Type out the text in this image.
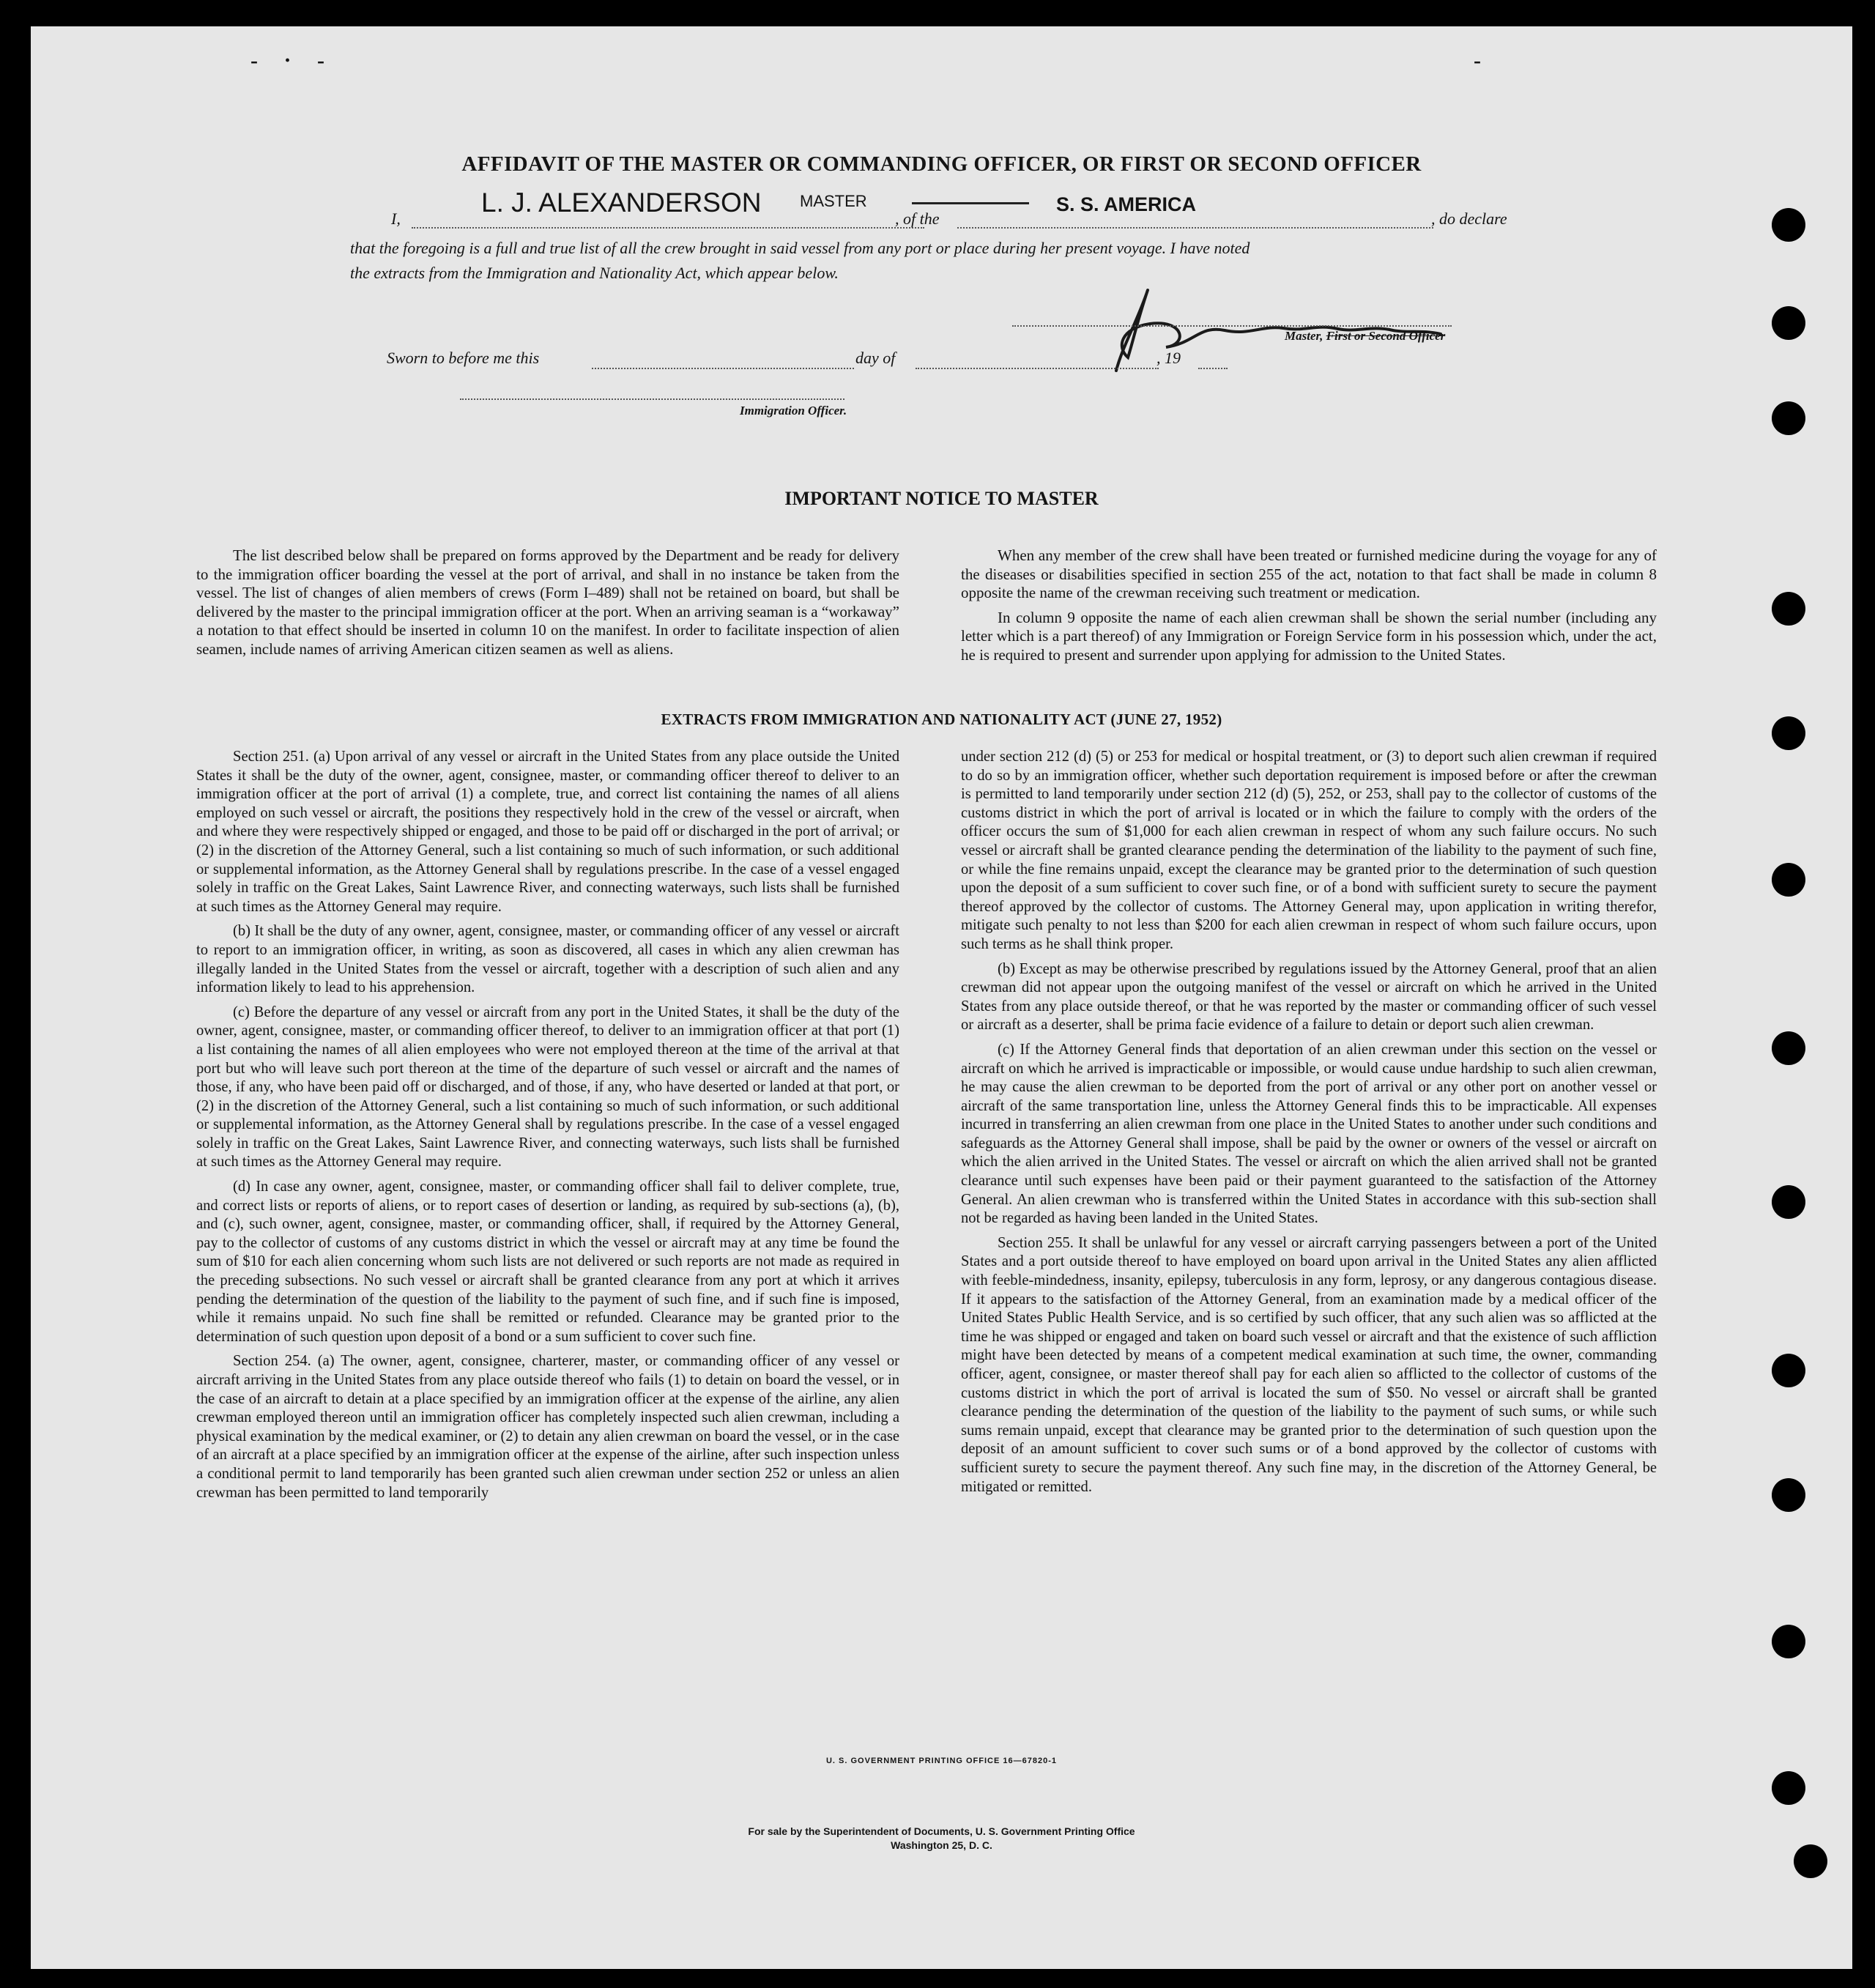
- · -	-
AFFIDAVIT OF THE MASTER OR COMMANDING OFFICER, OR FIRST OR SECOND OFFICER
I,
L. J. ALEXANDERSON MASTER
, of the
S. S. AMERICA
, do declare
that the foregoing is a full and true list of all the crew brought in said vessel from any port or place during her present voyage. I have noted
the extracts from the Immigration and Nationality Act, which appear below.
Master, First or Second Officer
Sworn to before me this	day of	, 19
Immigration Officer.
IMPORTANT NOTICE TO MASTER

The list described below shall be prepared on forms approved by the Department and be ready for delivery to the immigration officer boarding the vessel at the port of arrival, and shall in no instance be taken from the vessel. The list of changes of alien members of crews (Form I–489) shall not be retained on board, but shall be delivered by the master to the principal immigration officer at the port. When an arriving seaman is a “workaway” a notation to that effect should be inserted in column 10 on the manifest. In order to facilitate inspection of alien seamen, include names of arriving American citizen seamen as well as aliens.

When any member of the crew shall have been treated or furnished medicine during the voyage for any of the diseases or disabilities specified in section 255 of the act, notation to that fact shall be made in column 8 opposite the name of the crewman receiving such treatment or medication.

In column 9 opposite the name of each alien crewman shall be shown the serial number (including any letter which is a part thereof) of any Immigration or Foreign Service form in his possession which, under the act, he is required to present and surrender upon applying for admission to the United States.

EXTRACTS FROM IMMIGRATION AND NATIONALITY ACT (JUNE 27, 1952)

Section 251. (a) Upon arrival of any vessel or aircraft in the United States from any place outside the United States it shall be the duty of the owner, agent, consignee, master, or commanding officer thereof to deliver to an immigration officer at the port of arrival (1) a complete, true, and correct list containing the names of all aliens employed on such vessel or aircraft, the positions they respectively hold in the crew of the vessel or aircraft, when and where they were respectively shipped or engaged, and those to be paid off or discharged in the port of arrival; or (2) in the discretion of the Attorney General, such a list containing so much of such information, or such additional or supplemental information, as the Attorney General shall by regulations prescribe. In the case of a vessel engaged solely in traffic on the Great Lakes, Saint Lawrence River, and connecting waterways, such lists shall be furnished at such times as the Attorney General may require.

(b) It shall be the duty of any owner, agent, consignee, master, or commanding officer of any vessel or aircraft to report to an immigration officer, in writing, as soon as discovered, all cases in which any alien crewman has illegally landed in the United States from the vessel or aircraft, together with a description of such alien and any information likely to lead to his apprehension.

(c) Before the departure of any vessel or aircraft from any port in the United States, it shall be the duty of the owner, agent, consignee, master, or commanding officer thereof, to deliver to an immigration officer at that port (1) a list containing the names of all alien employees who were not employed thereon at the time of the arrival at that port but who will leave such port thereon at the time of the departure of such vessel or aircraft and the names of those, if any, who have been paid off or discharged, and of those, if any, who have deserted or landed at that port, or (2) in the discretion of the Attorney General, such a list containing so much of such information, or such additional or supplemental information, as the Attorney General shall by regulations prescribe. In the case of a vessel engaged solely in traffic on the Great Lakes, Saint Lawrence River, and connecting waterways, such lists shall be furnished at such times as the Attorney General may require.

(d) In case any owner, agent, consignee, master, or commanding officer shall fail to deliver complete, true, and correct lists or reports of aliens, or to report cases of desertion or landing, as required by sub-sections (a), (b), and (c), such owner, agent, consignee, master, or commanding officer, shall, if required by the Attorney General, pay to the collector of customs of any customs district in which the vessel or aircraft may at any time be found the sum of $10 for each alien concerning whom such lists are not delivered or such reports are not made as required in the preceding subsections. No such vessel or aircraft shall be granted clearance from any port at which it arrives pending the determination of the question of the liability to the payment of such fine, and if such fine is imposed, while it remains unpaid. No such fine shall be remitted or refunded. Clearance may be granted prior to the determination of such question upon deposit of a bond or a sum sufficient to cover such fine.

Section 254. (a) The owner, agent, consignee, charterer, master, or commanding officer of any vessel or aircraft arriving in the United States from any place outside thereof who fails (1) to detain on board the vessel, or in the case of an aircraft to detain at a place specified by an immigration officer at the expense of the airline, any alien crewman employed thereon until an immigration officer has completely inspected such alien crewman, including a physical examination by the medical examiner, or (2) to detain any alien crewman on board the vessel, or in the case of an aircraft at a place specified by an immigration officer at the expense of the airline, after such inspection unless a conditional permit to land temporarily has been granted such alien crewman under section 252 or unless an alien crewman has been permitted to land temporarily

under section 212 (d) (5) or 253 for medical or hospital treatment, or (3) to deport such alien crewman if required to do so by an immigration officer, whether such deportation requirement is imposed before or after the crewman is permitted to land temporarily under section 212 (d) (5), 252, or 253, shall pay to the collector of customs of the customs district in which the port of arrival is located or in which the failure to comply with the orders of the officer occurs the sum of $1,000 for each alien crewman in respect of whom any such failure occurs. No such vessel or aircraft shall be granted clearance pending the determination of the liability to the payment of such fine, or while the fine remains unpaid, except the clearance may be granted prior to the determination of such question upon the deposit of a sum sufficient to cover such fine, or of a bond with sufficient surety to secure the payment thereof approved by the collector of customs. The Attorney General may, upon application in writing therefor, mitigate such penalty to not less than $200 for each alien crewman in respect of whom such failure occurs, upon such terms as he shall think proper.

(b) Except as may be otherwise prescribed by regulations issued by the Attorney General, proof that an alien crewman did not appear upon the outgoing manifest of the vessel or aircraft on which he arrived in the United States from any place outside thereof, or that he was reported by the master or commanding officer of such vessel or aircraft as a deserter, shall be prima facie evidence of a failure to detain or deport such alien crewman.

(c) If the Attorney General finds that deportation of an alien crewman under this section on the vessel or aircraft on which he arrived is impracticable or impossible, or would cause undue hardship to such alien crewman, he may cause the alien crewman to be deported from the port of arrival or any other port on another vessel or aircraft of the same transportation line, unless the Attorney General finds this to be impracticable. All expenses incurred in transferring an alien crewman from one place in the United States to another under such conditions and safeguards as the Attorney General shall impose, shall be paid by the owner or owners of the vessel or aircraft on which the alien arrived in the United States. The vessel or aircraft on which the alien arrived shall not be granted clearance until such expenses have been paid or their payment guaranteed to the satisfaction of the Attorney General. An alien crewman who is transferred within the United States in accordance with this sub-section shall not be regarded as having been landed in the United States.

Section 255. It shall be unlawful for any vessel or aircraft carrying passengers between a port of the United States and a port outside thereof to have employed on board upon arrival in the United States any alien afflicted with feeble-mindedness, insanity, epilepsy, tuberculosis in any form, leprosy, or any dangerous contagious disease. If it appears to the satisfaction of the Attorney General, from an examination made by a medical officer of the United States Public Health Service, and is so certified by such officer, that any such alien was so afflicted at the time he was shipped or engaged and taken on board such vessel or aircraft and that the existence of such affliction might have been detected by means of a competent medical examination at such time, the owner, commanding officer, agent, consignee, or master thereof shall pay for each alien so afflicted to the collector of customs of the customs district in which the port of arrival is located the sum of $50. No vessel or aircraft shall be granted clearance pending the determination of the question of the liability to the payment of such sums, or while such sums remain unpaid, except that clearance may be granted prior to the determination of such question upon the deposit of an amount sufficient to cover such sums or of a bond approved by the collector of customs with sufficient surety to secure the payment thereof. Any such fine may, in the discretion of the Attorney General, be mitigated or remitted.

U. S. GOVERNMENT PRINTING OFFICE 16—67820-1
For sale by the Superintendent of Documents, U. S. Government Printing Office
Washington 25, D. C.
